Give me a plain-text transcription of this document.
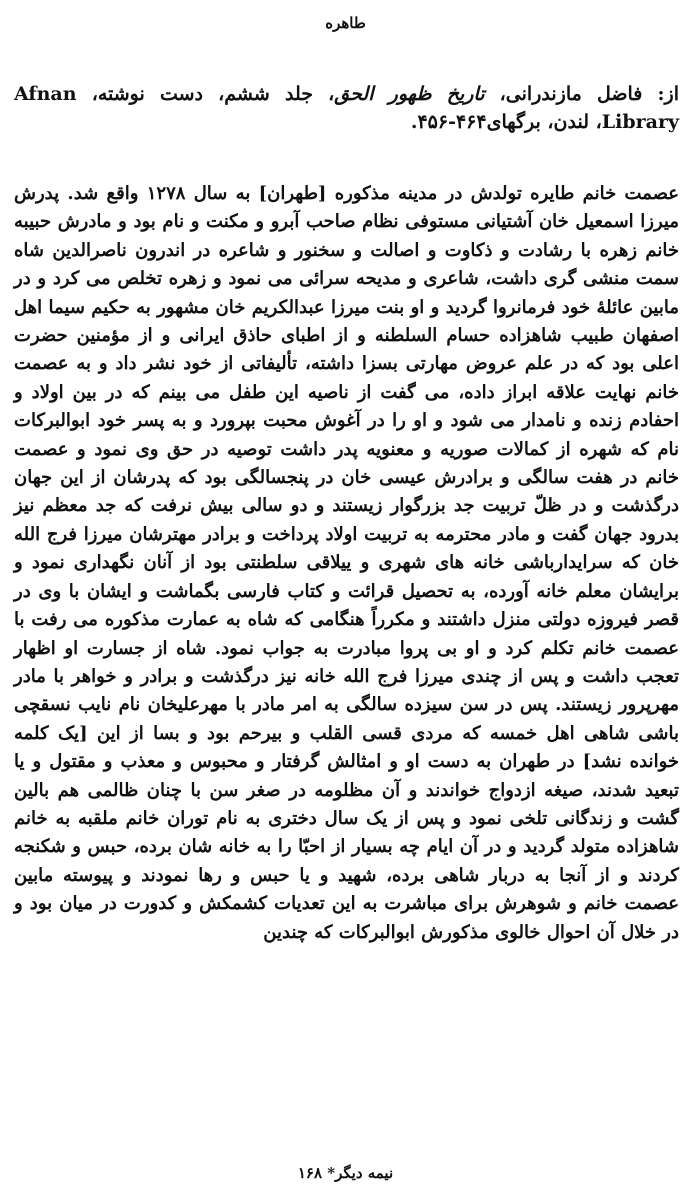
طاهره
از: فاضل مازندرانی، تاریخ ظهور الحق، جلد ششم، دست نوشته، Afnan Library، لندن، برگهای۴۶۴-۴۵۶.

عصمت خانم طایره تولدش در مدینه مذکوره [طهران] به سال ۱۲۷۸ واقع شد. پدرش میرزا اسمعیل خان آشتیانی مستوفی نظام صاحب آبرو و مکنت و نام بود و مادرش حبیبه خانم زهره با رشادت و ذکاوت و اصالت و سخنور و شاعره در اندرون ناصرالدین شاه سمت منشی گری داشت، شاعری و مدیحه سرائی می نمود و زهره تخلص می کرد و در مابین عائلهٔ خود فرمانروا گردید و او بنت میرزا عبدالکریم خان مشهور به حکیم سیما اهل اصفهان طبیب شاهزاده حسام السلطنه و از اطبای حاذق ایرانی و از مؤمنین حضرت اعلی بود که در علم عروض مهارتی بسزا داشته، تألیفاتی از خود نشر داد و به عصمت خانم نهایت علاقه ابراز داده، می گفت از ناصیه این طفل می بینم که در بین اولاد و احفادم زنده و نامدار می شود و او را در آغوش محبت بپرورد و به پسر خود ابوالبرکات نام که شهره از کمالات صوریه و معنویه پدر داشت توصیه در حق وی نمود و عصمت خانم در هفت سالگی و برادرش عیسی خان در پنجسالگی بود که پدرشان از این جهان درگذشت و در ظلّ تربیت جد بزرگوار زیستند و دو سالی بیش نرفت که جد معظم نیز بدرود جهان گفت و مادر محترمه به تربیت اولاد پرداخت و برادر مهترشان میرزا فرج الله خان که سرایدارباشی خانه های شهری و ییلاقی سلطنتی بود از آنان نگهداری نمود و برایشان معلم خانه آورده، به تحصیل قرائت و کتاب فارسی بگماشت و ایشان با وی در قصر فیروزه دولتی منزل داشتند و مکرراً هنگامی که شاه به عمارت مذکوره می رفت با عصمت خانم تکلم کرد و او بی پروا مبادرت به جواب نمود. شاه از جسارت او اظهار تعجب داشت و پس از چندی میرزا فرج الله خانه نیز درگذشت و برادر و خواهر با مادر مهرپرور زیستند. پس در سن سیزده سالگی به امر مادر با مهرعلیخان نام نایب نسقچی باشی شاهی اهل خمسه که مردی قسی القلب و بیرحم بود و بسا از این [یک کلمه خوانده نشد] در طهران به دست او و امثالش گرفتار و محبوس و معذب و مقتول و یا تبعید شدند، صیغه ازدواج خواندند و آن مظلومه در صغر سن با چنان ظالمی هم بالین گشت و زندگانی تلخی نمود و پس از یک سال دختری به نام توران خانم ملقبه به خانم شاهزاده متولد گردید و در آن ایام چه بسیار از احبّا را به خانه شان برده، حبس و شکنجه کردند و از آنجا به دربار شاهی برده، شهید و یا حبس و رها نمودند و پیوسته مابین عصمت خانم و شوهرش برای مباشرت به این تعدیات کشمکش و کدورت در میان بود و در خلال آن احوال خالوی مذکورش ابوالبرکات که چندین

نیمه دیگر* ۱۶۸
